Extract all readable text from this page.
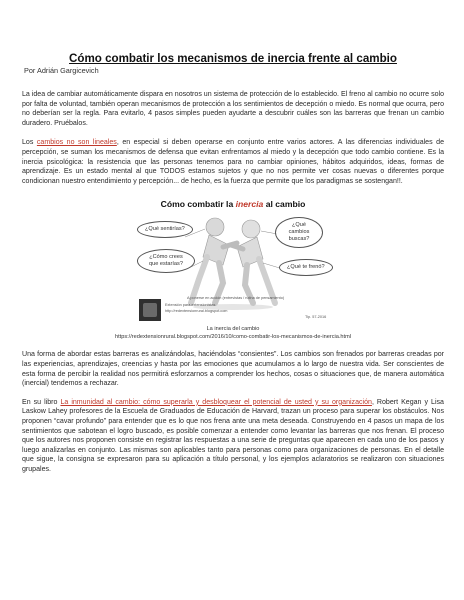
Cómo combatir los mecanismos de inercia frente al cambio
Por Adrián Gargicevich

La idea de cambiar automáticamente dispara en nosotros un sistema de protección de lo establecido. El freno al cambio no ocurre solo por falta de voluntad, también operan mecanismos de protección a los sentimientos de decepción o miedo. Es normal que ocurra, pero no deberían ser la regla. Para evitarlo, 4 pasos simples pueden ayudarte a descubrir cuáles son las barreras que frenan un cambio duradero. Pruébalos.

Los cambios no son lineales, en especial si deben operarse en conjunto entre varios actores. A las diferencias individuales de percepción, se suman los mecanismos de defensa que evitan enfrentamos al miedo y la decepción que todo cambio contiene. Es la inercia psicológica: la resistencia que las personas tenemos para no cambiar opiniones, hábitos adquiridos, ideas, formas de aprendizaje. Es un estado mental al que TODOS estamos sujetos y que no nos permite ver cosas nuevas o diferentes porque condicionan nuestro entendimiento y percepción... de hecho, es la fuerza que permite que los paradigmas se sostengan!!.

Cómo combatir la inercia al cambio
¿Qué sentirías?
¿Qué cambios buscas?
¿Cómo crees que estarías?	¿Qué te frenó?
Extensión para extensionistas
http://redextensionrural.blogspot.com
A ponerse en acción (entrevistas / rutina de pensamiento)
Tip. 57-2016
La inercia del cambio
https://redextensionrural.blogspot.com/2016/10/como-combatir-los-mecanismos-de-inercia.html

Una forma de abordar estas barreras es analizándolas, haciéndolas “consientes”. Los cambios son frenados por barreras creadas por las experiencias, aprendizajes, creencias y hasta por las emociones que acumulamos a lo largo de nuestra vida. Ser conscientes de esta forma de percibir la realidad nos permitirá esforzarnos a comprender los hechos, cosas o situaciones que, de manera automática (inercial) tendemos a rechazar.

En su libro La inmunidad al cambio: cómo superarla y desbloquear el potencial de usted y su organización, Robert Kegan y Lisa Laskow Lahey profesores de la Escuela de Graduados de Educación de Harvard, trazan un proceso para superar los obstáculos. Nos proponen “cavar profundo” para entender que es lo que nos frena ante una meta deseada. Construyendo en 4 pasos un mapa de los sentimientos que sabotean el logro buscado, es posible comenzar a entender como levantar las barreras que nos frenan. El proceso que los autores nos proponen consiste en registrar las respuestas a una serie de preguntas que aparecen en cada uno de los pasos y luego analizarlas en conjunto. Las mismas son aplicables tanto para personas como para organizaciones de personas. En el detalle que sigue, la consigna se expresaron para su aplicación a título personal, y los ejemplos aclaratorios se realizaron con situaciones grupales.
